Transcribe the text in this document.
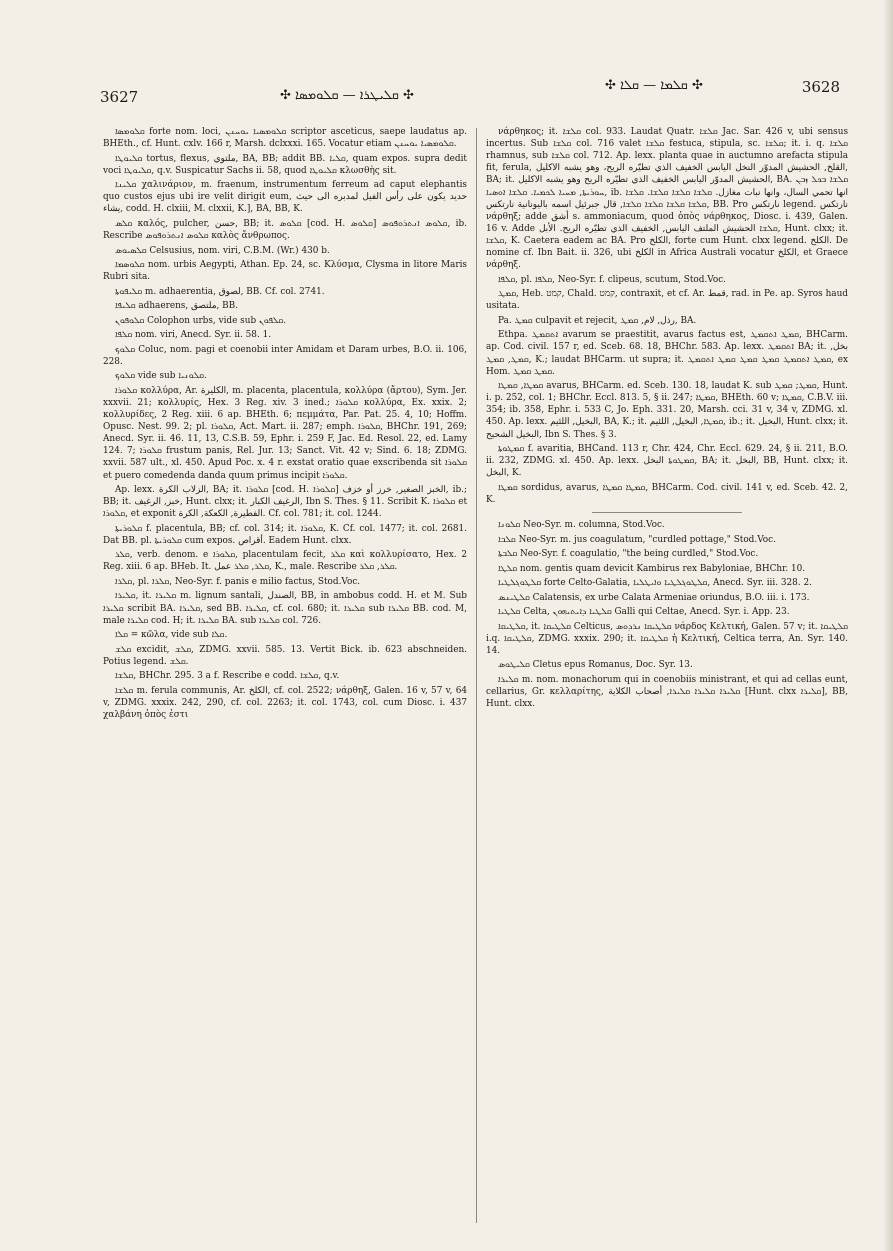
3627	✣ ܩܠܝܛܪܐ — ܩܠܘܡܣܐ ✣
✣ ܩܠܡܐ — ܩܠܐ ✣	3628

ܩܠܘܡܣܐ forte nom. loci, ܩܠܘܡܣܝܐ ܝܘܚܢܢ scriptor asceticus, saepe laudatus ap. BHEth., cf. Hunt. cxlv. 166 r, Marsh. dclxxxi. 165. Vocatur etiam ܩܠܘܡܣܝܐ ܝܘܚܢܢ.

ܩܠܝܘܛܐ tortus, flexus, ملتوي, BA, BB; addit BB. ܩܠܝܐ, quam expos. supra dedit voci ܩܠܝܘܛܐ, q.v. Suspicatur Sachs ii. 58, quod ܩܠܝܘܛܐ κλωσθὴς sit.

ܩܠܝܢܐ χαλινάριον, m. fraenum, instrumentum ferreum ad caput elephantis quo custos ejus ubi ire velit dirigit eum, حديد يكون على رأس الفيل لمدبره الى حيث يشاء, codd. H. clxiii, M. clxxii, K.], BA, BB, K.

ܩܠܣ καλός, pulcher, حسن, BB; it. ܩܠܘܣ [cod. H. ܩܠܘܣ] ܩܠܘܣ ܐܢܬܪܘܦܘܣ, ib. Rescribe ܩܠܘܣ ܐܢܬܪܘܦܘܣ καλὸς ἄνθρωπος.

ܩܠܣܝܘܣ Celsusius, nom. viri, C.B.M. (Wr.) 430 b.

ܩܠܘܣܡܐ nom. urbis Aegypti, Athan. Ep. 24, sc. Κλύσμα, Clysma in litore Maris Rubri sita.

ܩܠܝܦܘܬܐ m. adhaerentia, لصوق, BB. Cf. col. 2741.

ܩܠܝܦܐ adhaerens, ملتصق, BB.

ܩܠܘܦܘܢ Colophon urbs, vide sub ܩܠܦܘܢ.

ܩܠܦܐ nom. viri, Anecd. Syr. ii. 58. 1.

ܩܠܘܟ Coluc, nom. pagi et coenobii inter Amidam et Daram urbes, B.O. ii. 106, 228.

ܩܠܘܟ vide sub ܩܠܘܢܝܐ.

ܩܠܘܪܐ κολλύρα, Ar. الكليرة, m. placenta, placentula, κολλύρα (ἄρτου), Sym. Jer. xxxvii. 21; κολλυρίς, Hex. 3 Reg. xiv. 3 ined.; ܩܠܘܪܐ κολλύρα, Ex. xxix. 2; κολλυρίδες, 2 Reg. xiii. 6 ap. BHEth. 6; πεμμάτα, Par. Pat. 25. 4, 10; Hoffm. Opusc. Nest. 99. 2; pl. ܩܠܘܪܐ, Act. Mart. ii. 287; emph. ܩܠܘܪܐ, BHChr. 191, 269; Anecd. Syr. ii. 46. 11, 13, C.S.B. 59, Ephr. i. 259 F, Jac. Ed. Resol. 22, ed. Lamy 124. 7; ܩܠܘܪܐ frustum panis, Rel. Jur. 13; Sanct. Vit. 42 v; Sind. 6. 18; ZDMG. xxvii. 587 ult., xl. 450. Apud Poc. x. 4 r. exstat oratio quae exscribenda sit ܩܠܘܪܐ et puero comedenda danda quum primus incipit ܩܠܘܪܐ.

Ap. lexx. الزلاب الكرة, BA; it. ܩܠܘܪܐ [cod. H. ܩܠܘܪܐ] الخبز الصغير, خرز أو خزف, ib.; BB; it. خبز, الرغيف, Hunt. clxx; it. الرغيف الكبار, Ibn S. Thes. § 11. Scribit K. ܩܠܘܪܐ et ܩܠܘܪܐ, et exponit الفطيرة, الكعكة, الكرة. Cf. col. 781; it. col. 1244.

ܩܠܘܪܝܬܐ f. placentula, BB; cf. col. 314; it. ܩܠܘܪܐ, K. Cf. col. 1477; it. col. 2681. Dat BB. pl. ܩܠܘܪܝܬܐ cum expos. أقراص. Eadem Hunt. clxx.

ܩܠܪ, verb. denom. e ܩܠܘܪܐ, placentulam fecit, ܩܠܪ καὶ κολλυρίσατο, Hex. 2 Reg. xiii. 6 ap. BHeb. It. ܩܠܪ, ܩܠܪ عمل, K., male. Rescribe ܩܠܪ, ܩܠܪ.

ܩܠܪܐ, pl. ܩܠܪܐ, Neo-Syr. f. panis e milio factus, Stod.Voc.

ܩܠܝܪܐ, it. ܩܠܝܪܐ m. lignum santali, الصندل, BB, in ambobus codd. H. et M. Sub ܩܠܝܪܐ scribit BA. ܩܠܝܪܐ, sed BB. ܩܠܝܪܐ, cf. col. 680; it. ܩܠܝܪܐ sub ܩܠܝܪܐ BB. cod. M, male ܩܠܝܪܐ cod. H; it. ܩܠܝܪܐ BA. sub ܩܠܝܪܐ col. 726.

ܩܠܐ = κῶλα, vide sub ܩܠܐ.

ܩܠܫ excidit, ܩܠܫ, ZDMG. xxvii. 585. 13. Vertit Bick. ib. 623 abschneiden. Potius legend. ܩܠܫ.

ܩܠܫܐ, BHChr. 295. 3 a f. Rescribe e codd. ܩܠܫܐ, q.v.

ܩܠܫܐ m. ferula communis, Ar. الكلخ, cf. col. 2522; νάρθηξ, Galen. 16 v, 57 v, 64 v, ZDMG. xxxix. 242, 290, cf. col. 2263; it. col. 1743, col. cum Diosc. i. 437 χαλβάνη ὀπὸς ἐστι

νάρθηκος; it. ܩܠܫܐ col. 933. Laudat Quatr. ܩܠܫܐ Jac. Sar. 426 v, ubi sensus incertus. Sub ܩܠܫܐ col. 716 valet ܩܠܫܐ festuca, stipula, sc. ܩܠܫܐ; it. i. q. ܩܠܫܐ rhamnus, sub ܩܠܫܐ col. 712. Ap. lexx. planta quae in auctumno arefacta stipula fit, ferula, القلخ, الحشيش المدوّر النخل اليابس الخفيف الذي تطيّره الريح، وهو يشبه الاكليل, BA; it. الحشيش المدوّر اليابس الخفيف الذي تطيّره الريح وهو يشبه الاكليل, BA. ܩܠܫܐ ܒܟܠ ܙܒܢ ܚܘܪܝܬܐ, ܡܚܝܐ ܠܟܡܝܐ. ܩܠܫܐ ܐܘܣܝܐ, ib. انها تحمي السال، وانها نبات مغازل. ܩܠܫܐ ܩܠܫܐ ܩܠܫܐ. ܩܠܫܐ ܩܠܫܐ ܩܠܫܐ ܩܠܫܐ ܩܠܫܐ, قال جبرئيل اسمه باليونانية نارتكس, BB. Pro نارتكس legend. نارتكس νάρθηξ; adde أشق s. ammoniacum, quod ὀπὸς νάρθηκος, Diosc. i. 439, Galen. 16 v. Adde ܩܠܫܐ الحشيش الملتف اليابس, الخفيف الذي تطيّره الريح. الأبل, Hunt. clxx; it. ܩܠܫܐ, K. Caetera eadem ac BA. Pro الكلخ, forte cum Hunt. clxx legend. الكلخ. De nomine cf. Ibn Bait. ii. 326, ubi الكلخ in Africa Australi vocatur الكلخ, et Graece νάρθηξ.

ܩܠܦܐ, pl. ܩܠܦܐ, Neo-Syr. f. clipeus, scutum, Stod.Voc.

ܩܡܛ, Heb. קמט, Chald. קמט, contraxit, et cf. Ar. قمط, rad. in Pe. ap. Syros haud usitata.

Pa. ܩܡܛ culpavit et rejecit, رذل, لام, ܩܡܛ, BA.

Ethpa. ܐܬܩܡܛ avarum se praestitit, avarus factus est, ܩܡܛ ܐܬܩܡܛ, BHCarm. ap. Cod. civil. 157 r, ed. Sceb. 68. 18, BHChr. 583. Ap. lexx. ܐܬܩܡܛ BA; it. بخل, ܩܡܛ, ܩܡܛ, K.; laudat BHCarm. ut supra; it. ܩܡܛ ܐܬܩܡܛ ܩܡܛ ܩܡܛ ܩܡܛ ܐܬܩܡܛ, ex Hom. ܩܡܛ ܩܡܛ.

ܩܡܛܐ, ܩܡܛܐ avarus, BHCarm. ed. Sceb. 130. 18, laudat K. sub ܩܡܛ; ܩܡܛ, Hunt. i. p. 252, col. 1; BHChr. Eccl. 813. 5, § ii. 247; ܩܡܛܐ, BHEth. 60 v; ܩܡܛܐ, C.B.V. iii. 354; ib. 358, Ephr. i. 533 C, Jo. Eph. 331. 20, Marsh. cci. 31 v, 34 v, ZDMG. xl. 450. Ap. lexx. البخيل, اللئيم, BA, K.; it. ܩܡܛܐ, البخيل, اللئيم, ib.; it. البخيل, Hunt. clxx; it. البخيل الشحيح, Ibn S. Thes. § 3.

ܩܡܛܘܬܐ f. avaritia, BHCand. 113 r, Chr. 424, Chr. Eccl. 629. 24, § ii. 211, B.O. ii. 232, ZDMG. xl. 450. Ap. lexx. ܩܡܛܘܬܐ البخل, BA; it. البخل, BB, Hunt. clxx; it. البخل, K.

ܩܡܛܐ sordidus, avarus, ܩܡܛܐ ܩܡܛܐ, BHCarm. Cod. civil. 141 v, ed. Sceb. 42. 2, K.

ܩܠܘܢܐ Neo-Syr. m. columna, Stod.Voc.

ܩܠܒܐ Neo-Syr. m. jus coagulatum, "curdled pottage," Stod.Voc.

ܩܠܒܬܐ Neo-Syr. f. coagulatio, "the being curdled," Stod.Voc.

ܩܠܛܐ nom. gentis quam devicit Kambirus rex Babyloniae, BHChr. 10.

ܩܠܛܘܓܠܛܝܐ forte Celto-Galatia, ܩܠܛܘܓܠܛܝܐ ܘܐܝܛܠܝܐ, Anecd. Syr. iii. 328. 2.

ܩܠܛܝܢܣ Calatensis, ex urbe Calata Armeniae oriundus, B.O. iii. i. 173.

ܩܠܛܝܐ Celta, ܩܠܛܝܐ ܕܐܝܬܝܗܘܢ Galli qui Celtae, Anecd. Syr. i. App. 23.

ܩܠܛܝܩܐ, it. ܩܠܛܝܩܐ Celticus, ܩܠܛܝܩܐ ܢܪܕܘܣ νάρδος Κελτική, Galen. 57 v; it. ܩܠܛܝܩܐ i.q. ܩܠܛܝܩܐ, ZDMG. xxxix. 290; it. ܩܠܛܝܩܐ ἡ Κελτική, Celtica terra, An. Syr. 140. 14.

ܩܠܝܛܘܣ Cletus epus Romanus, Doc. Syr. 13.

ܩܠܝܪܐ m. nom. monachorum qui in coenobiis ministrant, et qui ad cellas eunt, cellarius, Gr. κελλαρίτης, ܩܠܝܪܐ ܩܠܝܪܐ ܩܠܝܪܐ, أصحاب الكلاية [Hunt. clxx ܩܠܝܪܐ], BB, Hunt. clxx.
